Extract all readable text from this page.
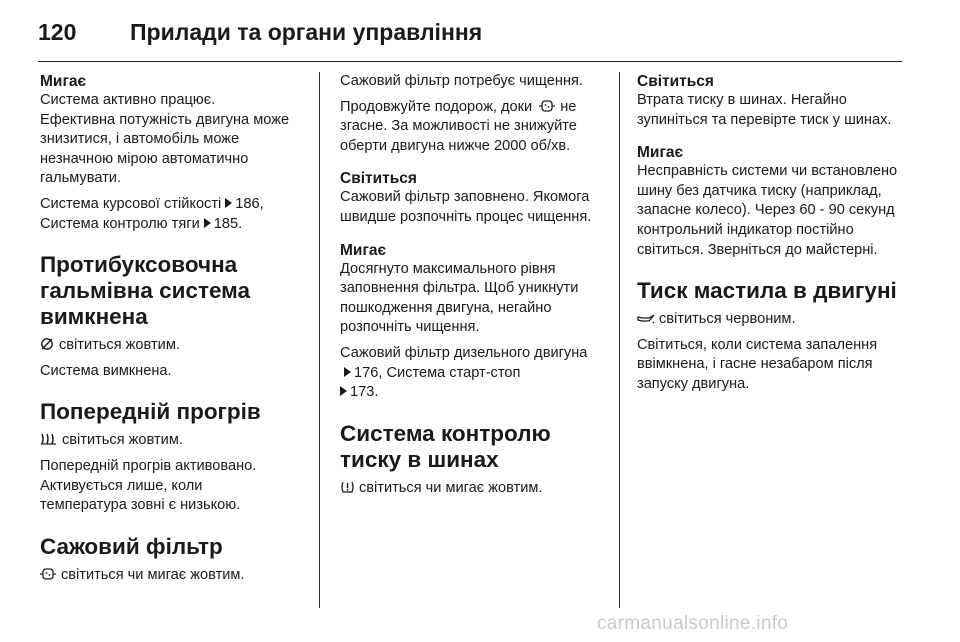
120	Прилади та органи управління
Мигає

Система активно працює. Ефективна потужність двигуна може знизитися, і автомобіль може незначною мірою автоматично гальмувати.

Система курсової стійкості 186, Система контролю тяги 185.

Протибуксовочна гальмівна система вимкнена

світиться жовтим.

Система вимкнена.

Попередній прогрів

світиться жовтим.

Попередній прогрів активовано. Активується лише, коли температура зовні є низькою.

Сажовий фільтр

світиться чи мигає жовтим.

Сажовий фільтр потребує чищення.

Продовжуйте подорож, доки не згасне. За можливості не знижуйте оберти двигуна нижче 2000 об/хв.

Світиться

Сажовий фільтр заповнено. Якомога швидше розпочніть процес чищення.

Мигає

Досягнуто максимального рівня заповнення фільтра. Щоб уникнути пошкодження двигуна, негайно розпочніть чищення.

Сажовий фільтр дизельного двигуна176, Система старт-стоп
173.

Система контролю тиску в шинах

світиться чи мигає жовтим.

Світиться

Втрата тиску в шинах. Негайно зупиніться та перевірте тиск у шинах.

Мигає

Несправність системи чи встановлено шину без датчика тиску (наприклад, запасне колесо). Через 60 - 90 секунд контрольний індикатор постійно світиться. Зверніться до майстерні.

Тиск мастила в двигуні

світиться червоним.

Світиться, коли система запалення ввімкнена, і гасне незабаром після запуску двигуна.

carmanualsonline.info
